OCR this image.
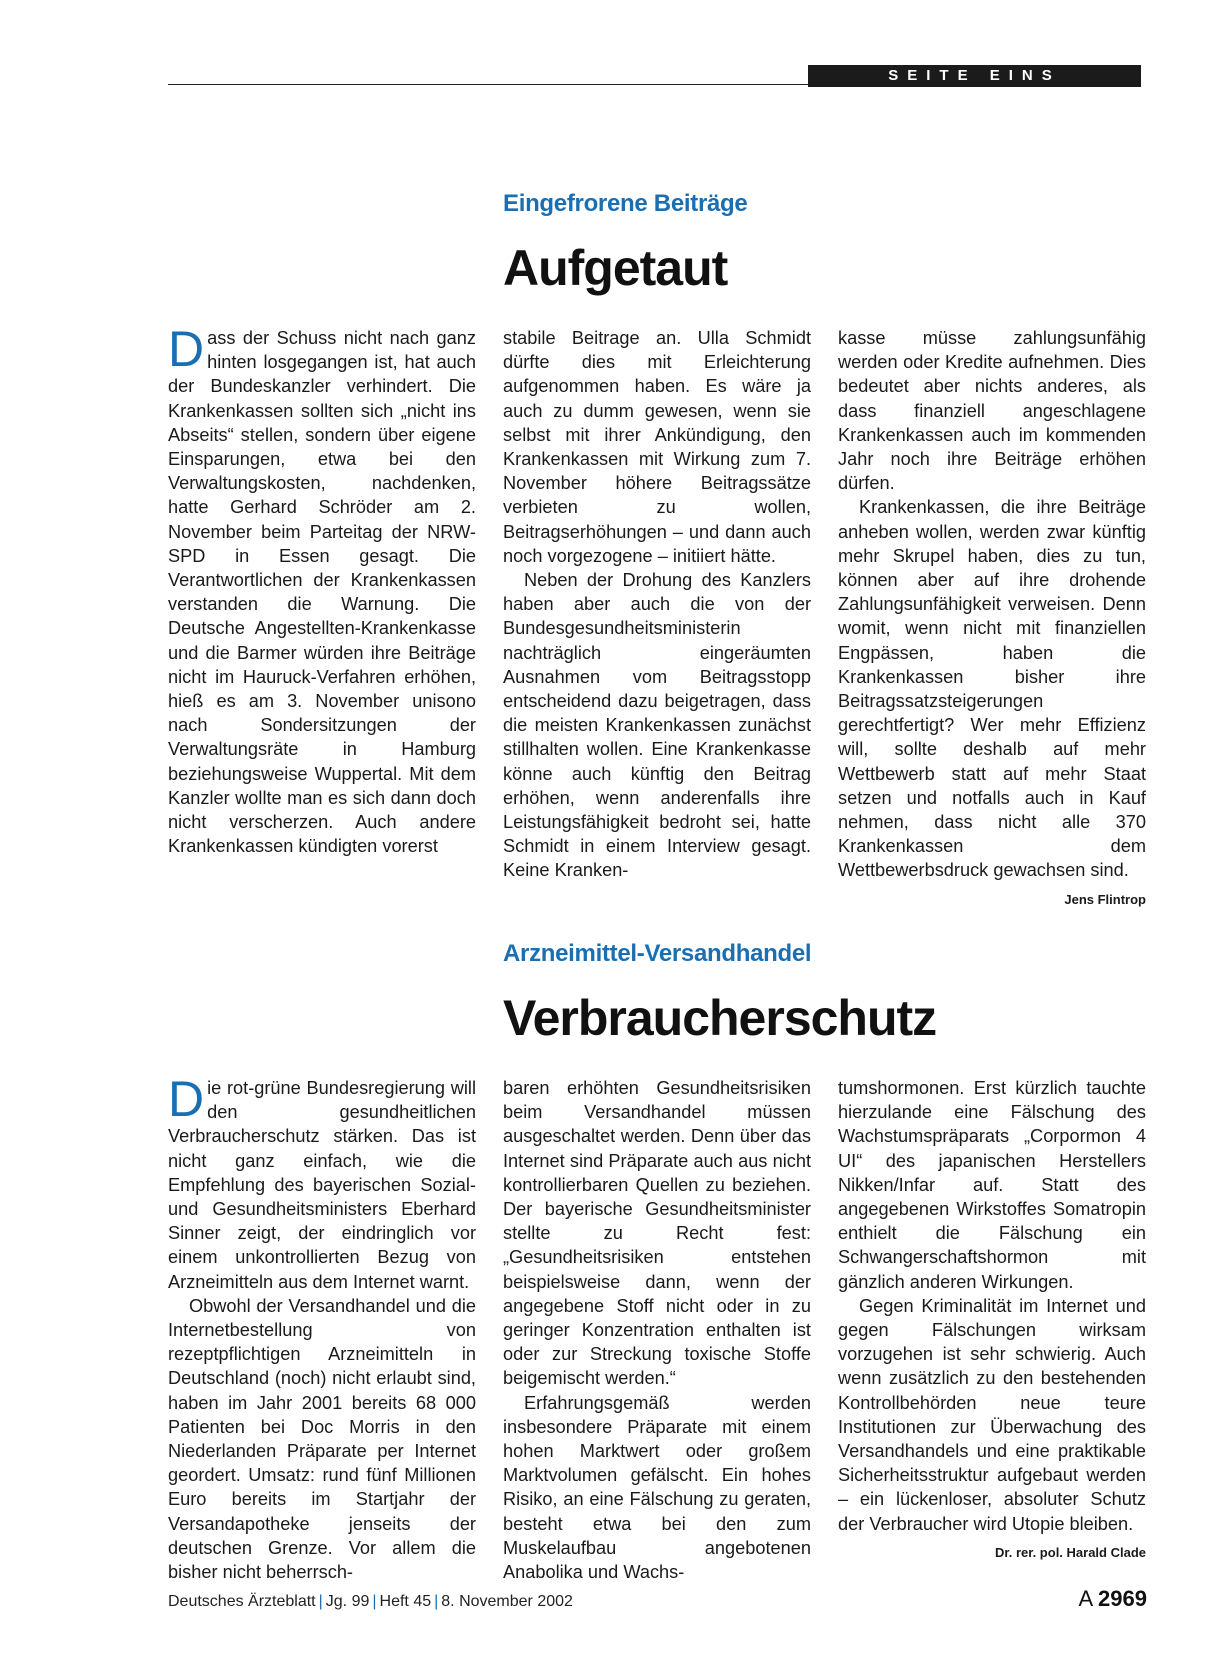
SEITE EINS
Eingefrorene Beiträge
Aufgetaut

Dass der Schuss nicht nach ganz hinten losgegangen ist, hat auch der Bundeskanzler verhindert. Die Krankenkassen sollten sich „nicht ins Abseits“ stellen, sondern über eigene Einsparungen, etwa bei den Verwaltungskosten, nachdenken, hatte Gerhard Schröder am 2. November beim Parteitag der NRW-SPD in Essen gesagt. Die Verantwortlichen der Krankenkassen verstanden die Warnung. Die Deutsche Angestellten-Krankenkasse und die Barmer würden ihre Beiträge nicht im Hauruck-Verfahren erhöhen, hieß es am 3. November unisono nach Sondersitzungen der Verwaltungsräte in Hamburg beziehungsweise Wuppertal. Mit dem Kanzler wollte man es sich dann doch nicht verscherzen. Auch andere Krankenkassen kündigten vorerst

stabile Beitrage an. Ulla Schmidt dürfte dies mit Erleichterung aufgenommen haben. Es wäre ja auch zu dumm gewesen, wenn sie selbst mit ihrer Ankündigung, den Krankenkassen mit Wirkung zum 7. November höhere Beitragssätze verbieten zu wollen, Beitragserhöhungen – und dann auch noch vorgezogene – initiiert hätte.

Neben der Drohung des Kanzlers haben aber auch die von der Bundesgesundheitsministerin nachträglich eingeräumten Ausnahmen vom Beitragsstopp entscheidend dazu beigetragen, dass die meisten Krankenkassen zunächst stillhalten wollen. Eine Krankenkasse könne auch künftig den Beitrag erhöhen, wenn anderenfalls ihre Leistungsfähigkeit bedroht sei, hatte Schmidt in einem Interview gesagt. Keine Kranken-

kasse müsse zahlungsunfähig werden oder Kredite aufnehmen. Dies bedeutet aber nichts anderes, als dass finanziell angeschlagene Krankenkassen auch im kommenden Jahr noch ihre Beiträge erhöhen dürfen.

Krankenkassen, die ihre Beiträge anheben wollen, werden zwar künftig mehr Skrupel haben, dies zu tun, können aber auf ihre drohende Zahlungsunfähigkeit verweisen. Denn womit, wenn nicht mit finanziellen Engpässen, haben die Krankenkassen bisher ihre Beitragssatzsteigerungen gerechtfertigt? Wer mehr Effizienz will, sollte deshalb auf mehr Wettbewerb statt auf mehr Staat setzen und notfalls auch in Kauf nehmen, dass nicht alle 370 Krankenkassen dem Wettbewerbsdruck gewachsen sind.
Jens Flintrop

Arzneimittel-Versandhandel
Verbraucherschutz

Die rot-grüne Bundesregierung will den gesundheitlichen Verbraucherschutz stärken. Das ist nicht ganz einfach, wie die Empfehlung des bayerischen Sozial- und Gesundheitsministers Eberhard Sinner zeigt, der eindringlich vor einem unkontrollierten Bezug von Arzneimitteln aus dem Internet warnt.

Obwohl der Versandhandel und die Internetbestellung von rezeptpflichtigen Arzneimitteln in Deutschland (noch) nicht erlaubt sind, haben im Jahr 2001 bereits 68 000 Patienten bei Doc Morris in den Niederlanden Präparate per Internet geordert. Umsatz: rund fünf Millionen Euro bereits im Startjahr der Versandapotheke jenseits der deutschen Grenze. Vor allem die bisher nicht beherrsch-

baren erhöhten Gesundheitsrisiken beim Versandhandel müssen ausgeschaltet werden. Denn über das Internet sind Präparate auch aus nicht kontrollierbaren Quellen zu beziehen. Der bayerische Gesundheitsminister stellte zu Recht fest: „Gesundheitsrisiken entstehen beispielsweise dann, wenn der angegebene Stoff nicht oder in zu geringer Konzentration enthalten ist oder zur Streckung toxische Stoffe beigemischt werden.“

Erfahrungsgemäß werden insbesondere Präparate mit einem hohen Marktwert oder großem Marktvolumen gefälscht. Ein hohes Risiko, an eine Fälschung zu geraten, besteht etwa bei den zum Muskelaufbau angebotenen Anabolika und Wachs-

tumshormonen. Erst kürzlich tauchte hierzulande eine Fälschung des Wachstumspräparats „Corpormon 4 UI“ des japanischen Herstellers Nikken/Infar auf. Statt des angegebenen Wirkstoffes Somatropin enthielt die Fälschung ein Schwangerschaftshormon mit gänzlich anderen Wirkungen.

Gegen Kriminalität im Internet und gegen Fälschungen wirksam vorzugehen ist sehr schwierig. Auch wenn zusätzlich zu den bestehenden Kontrollbehörden neue teure Institutionen zur Überwachung des Versandhandels und eine praktikable Sicherheitsstruktur aufgebaut werden – ein lückenloser, absoluter Schutz der Verbraucher wird Utopie bleiben.
Dr. rer. pol. Harald Clade

Deutsches Ärzteblatt | Jg. 99 | Heft 45 | 8. November 2002	A 2969
